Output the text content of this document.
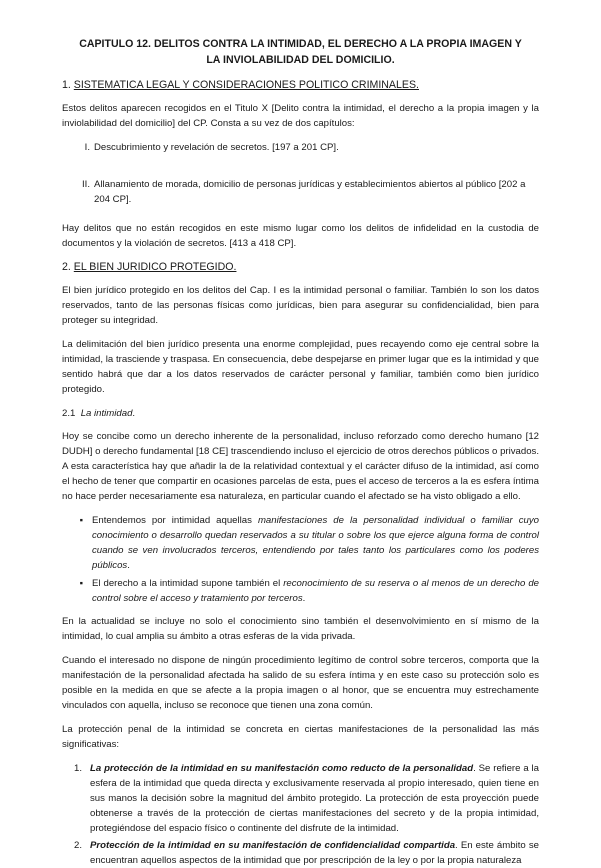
CAPITULO 12. DELITOS CONTRA LA INTIMIDAD, EL DERECHO A LA PROPIA IMAGEN Y
LA INVIOLABILIDAD DEL DOMICILIO.
1. SISTEMATICA LEGAL Y CONSIDERACIONES POLITICO CRIMINALES.

Estos delitos aparecen recogidos en el Titulo X [Delito contra la intimidad, el derecho a la propia imagen y la inviolabilidad del domicilio] del CP. Consta a su vez de dos capítulos:

I. Descubrimiento y revelación de secretos. [197 a 201 CP].
II. Allanamiento de morada, domicilio de personas jurídicas y establecimientos abiertos al público [202 a 204 CP].

Hay delitos que no están recogidos en este mismo lugar como los delitos de infidelidad en la custodia de documentos y la violación de secretos. [413 a 418 CP].

2. EL BIEN JURIDICO PROTEGIDO.

El bien jurídico protegido en los delitos del Cap. I es la intimidad personal o familiar. También lo son los datos reservados, tanto de las personas físicas como jurídicas, bien para asegurar su confidencialidad, bien para proteger su integridad.

La delimitación del bien jurídico presenta una enorme complejidad, pues recayendo como eje central sobre la intimidad, la trasciende y traspasa. En consecuencia, debe despejarse en primer lugar que es la intimidad y que sentido habrá que dar a los datos reservados de carácter personal y familiar, también como bien jurídico protegido.

2.1 La intimidad.

Hoy se concibe como un derecho inherente de la personalidad, incluso reforzado como derecho humano [12 DUDH] o derecho fundamental [18 CE] trascendiendo incluso el ejercicio de otros derechos públicos o privados. A esta característica hay que añadir la de la relatividad contextual y el carácter difuso de la intimidad, así como el hecho de tener que compartir en ocasiones parcelas de esta, pues el acceso de terceros a la es esfera íntima no hace perder necesariamente esa naturaleza, en particular cuando el afectado se ha visto obligado a ello.

▪ Entendemos por intimidad aquellas manifestaciones de la personalidad individual o familiar cuyo conocimiento o desarrollo quedan reservados a su titular o sobre los que ejerce alguna forma de control cuando se ven involucrados terceros, entendiendo por tales tanto los particulares como los poderes públicos.
▪ El derecho a la intimidad supone también el reconocimiento de su reserva o al menos de un derecho de control sobre el acceso y tratamiento por terceros.

En la actualidad se incluye no solo el conocimiento sino también el desenvolvimiento en sí mismo de la intimidad, lo cual amplia su ámbito a otras esferas de la vida privada.

Cuando el interesado no dispone de ningún procedimiento legítimo de control sobre terceros, comporta que la manifestación de la personalidad afectada ha salido de su esfera íntima y en este caso su protección solo es posible en la medida en que se afecte a la propia imagen o al honor, que se encuentra muy estrechamente vinculados con aquella, incluso se reconoce que tienen una zona común.

La protección penal de la intimidad se concreta en ciertas manifestaciones de la personalidad las más significativas:

1. La protección de la intimidad en su manifestación como reducto de la personalidad. Se refiere a la esfera de la intimidad que queda directa y exclusivamente reservada al propio interesado, quien tiene en sus manos la decisión sobre la magnitud del ámbito protegido. La protección de esta proyección puede obtenerse a través de la protección de ciertas manifestaciones del secreto y de la propia intimidad, protegiéndose del espacio físico o continente del disfrute de la intimidad.
2. Protección de la intimidad en su manifestación de confidencialidad compartida. En este ámbito se encuentran aquellos aspectos de la intimidad que por prescripción de la ley o por la propia naturaleza
